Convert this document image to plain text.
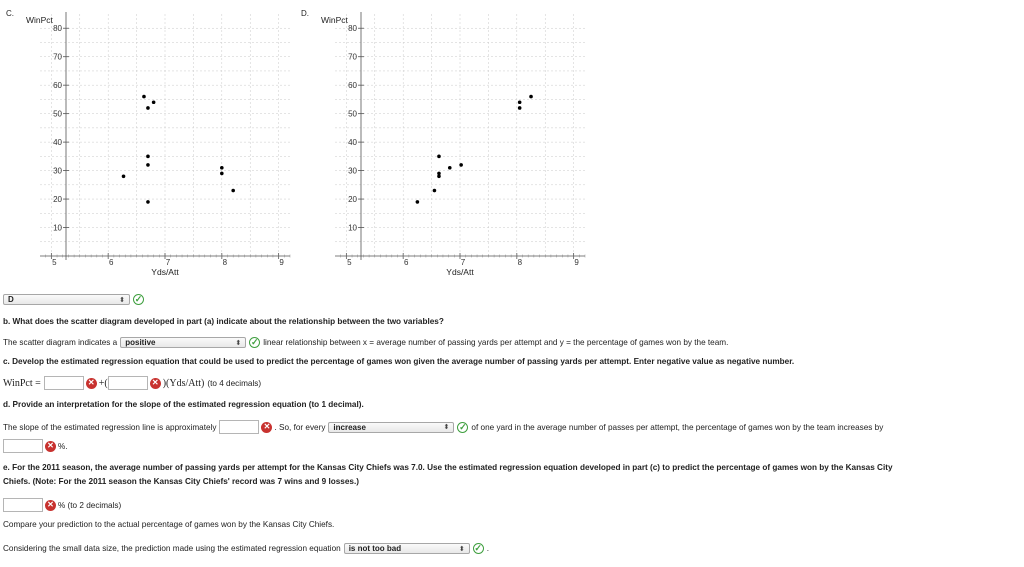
10
20
30
40
50
60
70
80
5	6	7	8	9
C.
WinPct
Yds/Att
10
20
30
40
50
60
70
80
5	6	7	8	9
D.
WinPct
Yds/Att
D	⬍ ✓
b. What does the scatter diagram developed in part (a) indicate about the relationship between the two variables?
The scatter diagram indicates a positive	⬍ ✓ linear relationship between x = average number of passing yards per attempt and y = the percentage of games won by the team.
c. Develop the estimated regression equation that could be used to predict the percentage of games won given the average number of passing yards per attempt. Enter negative value as negative number.
WinPct =	✕ +(	✕ )(Yds/Att) (to 4 decimals)
d. Provide an interpretation for the slope of the estimated regression equation (to 1 decimal).
The slope of the estimated regression line is approximately	✕ . So, for every increase	⬍ ✓ of one yard in the average number of passes per attempt, the percentage of games won by the team increases by
✕ %.
e. For the 2011 season, the average number of passing yards per attempt for the Kansas City Chiefs was 7.0. Use the estimated regression equation developed in part (c) to predict the percentage of games won by the Kansas City
Chiefs. (Note: For the 2011 season the Kansas City Chiefs' record was 7 wins and 9 losses.)
✕ % (to 2 decimals)
Compare your prediction to the actual percentage of games won by the Kansas City Chiefs.
Considering the small data size, the prediction made using the estimated regression equation is not too bad	⬍ ✓ .
